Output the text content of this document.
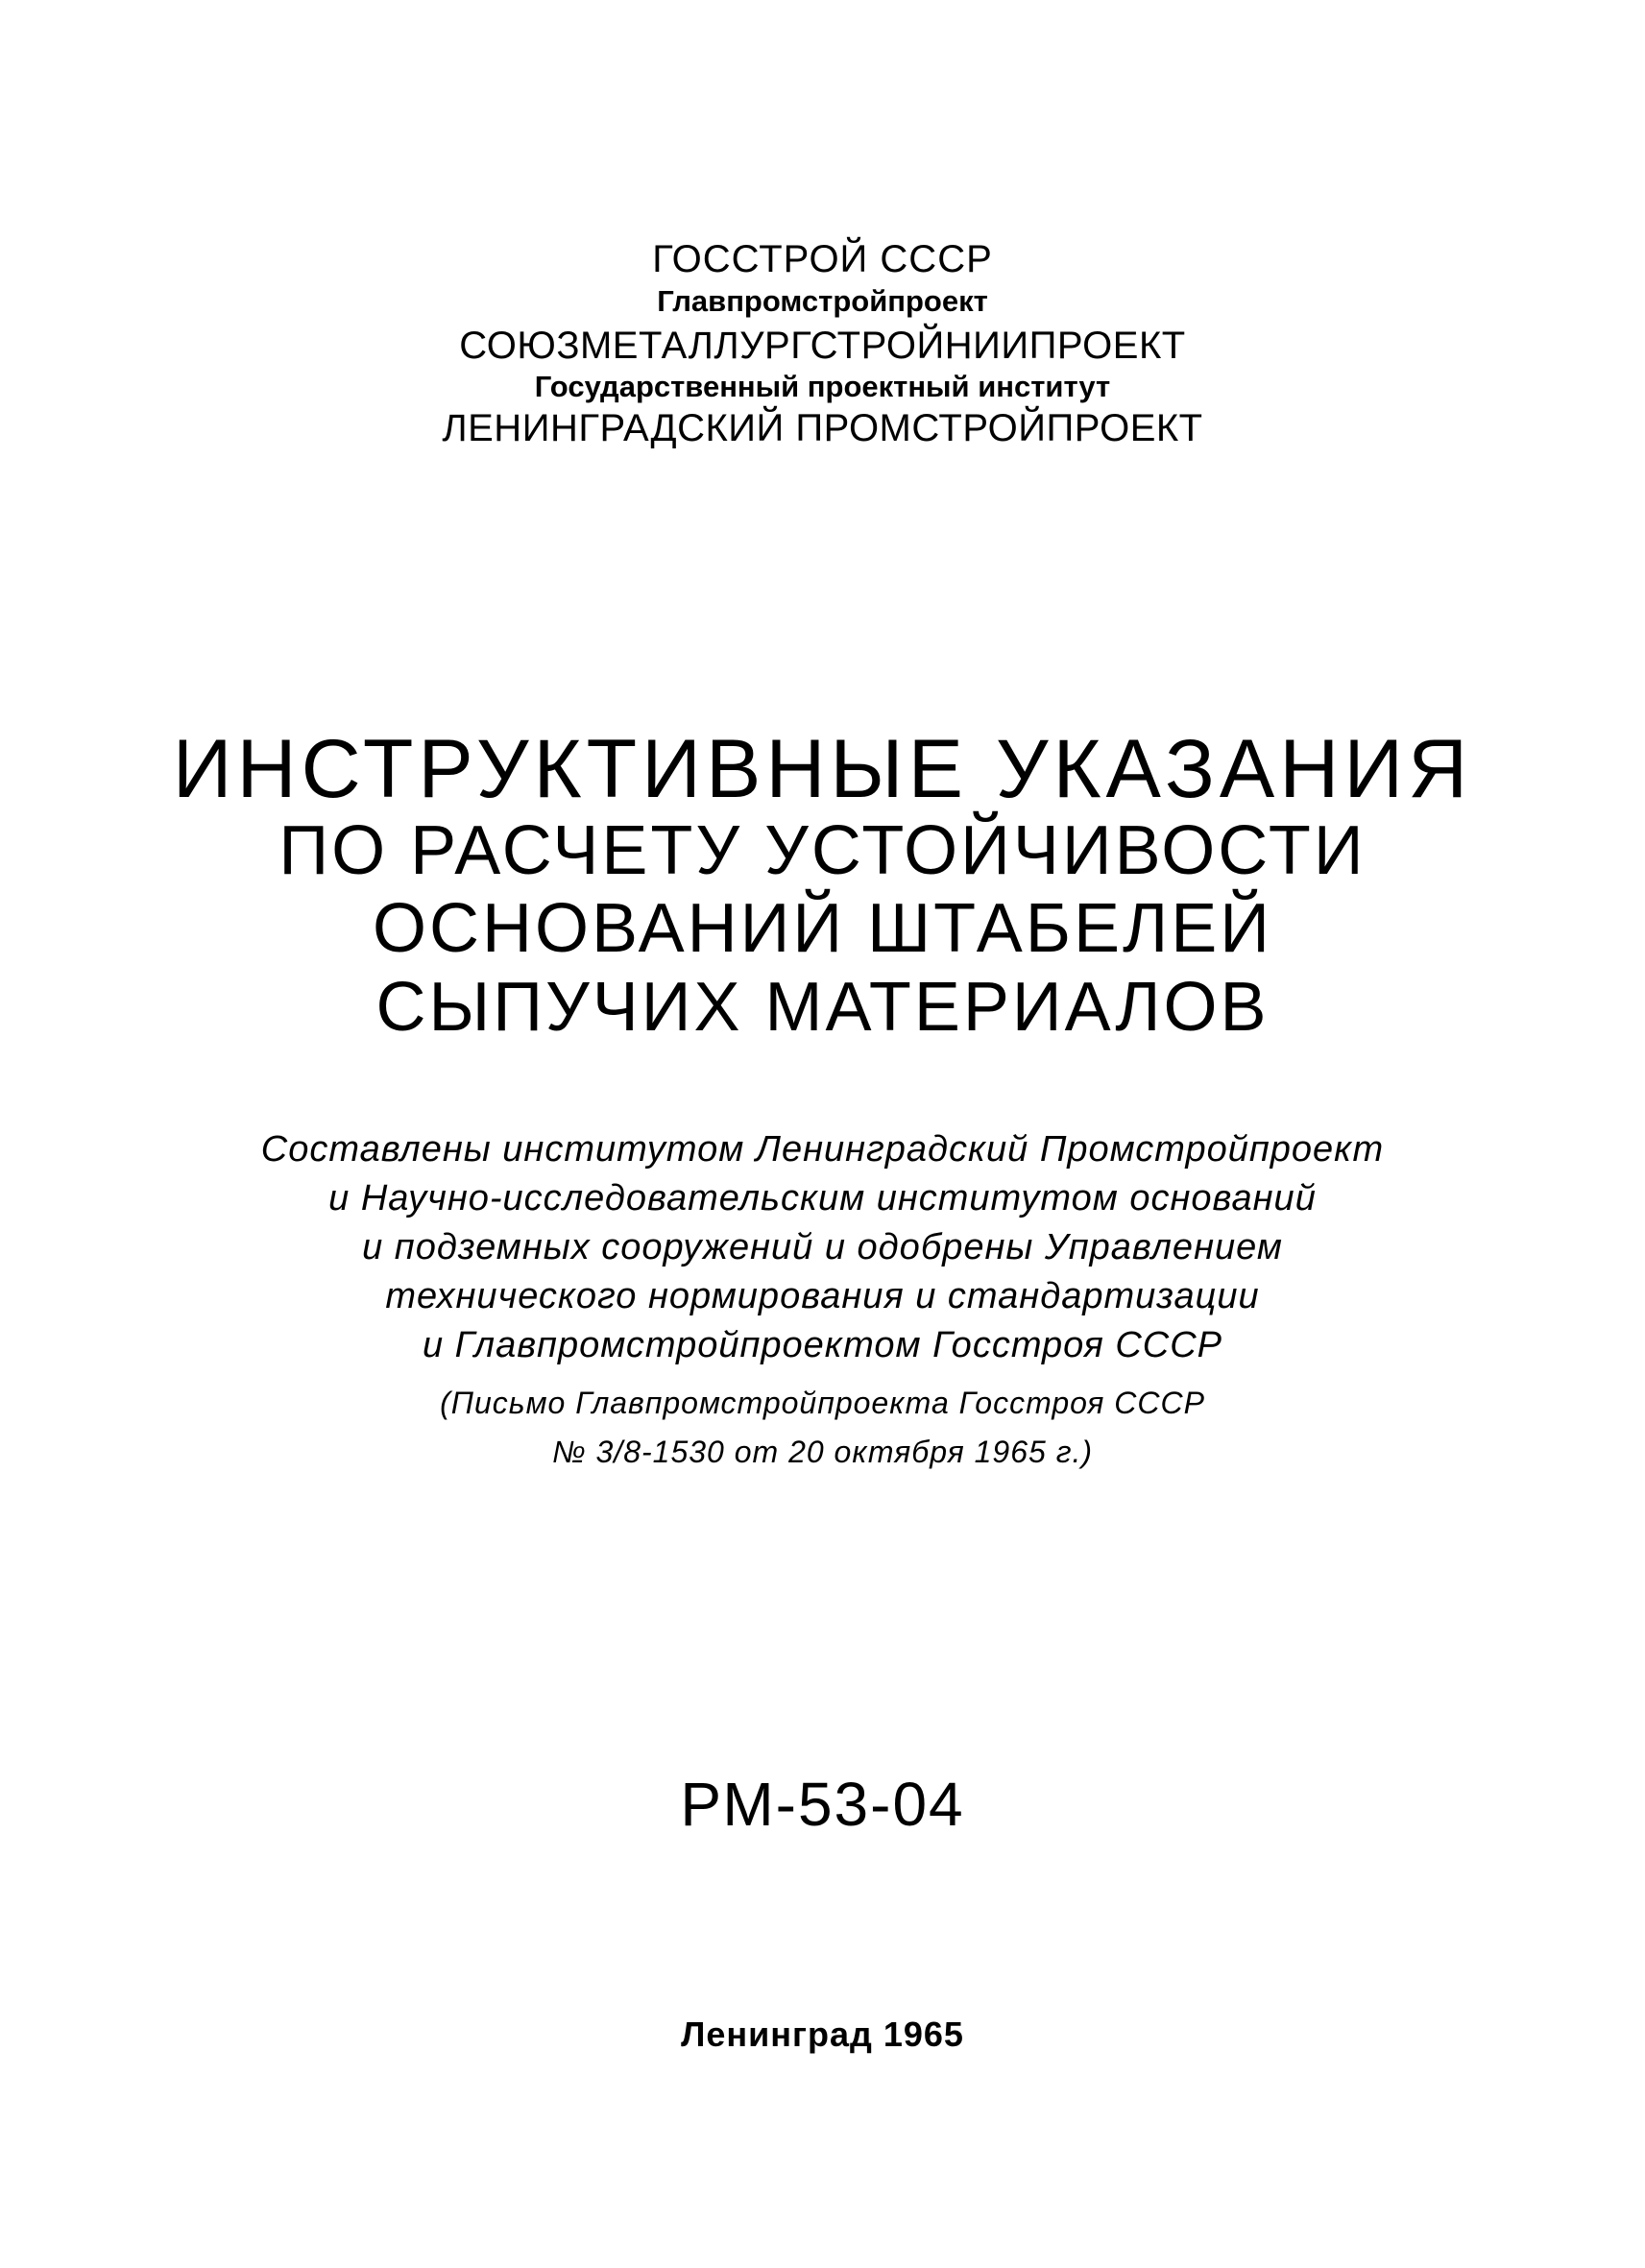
ГОССТРОЙ СССР
Главпромстройпроект
СОЮЗМЕТАЛЛУРГСТРОЙНИИПРОЕКТ
Государственный проектный институт
ЛЕНИНГРАДСКИЙ ПРОМСТРОЙПРОЕКТ
ИНСТРУКТИВНЫЕ УКАЗАНИЯ
ПО РАСЧЕТУ УСТОЙЧИВОСТИ
ОСНОВАНИЙ ШТАБЕЛЕЙ
СЫПУЧИХ МАТЕРИАЛОВ
Составлены институтом Ленинградский Промстройпроект
и Научно-исследовательским институтом оснований
и подземных сооружений и одобрены Управлением
технического нормирования и стандартизации
и Главпромстройпроектом Госстроя СССР
(Письмо Главпромстройпроекта Госстроя СССР
№ 3/8-1530 от 20 октября 1965 г.)
РМ-53-04
Ленинград 1965
